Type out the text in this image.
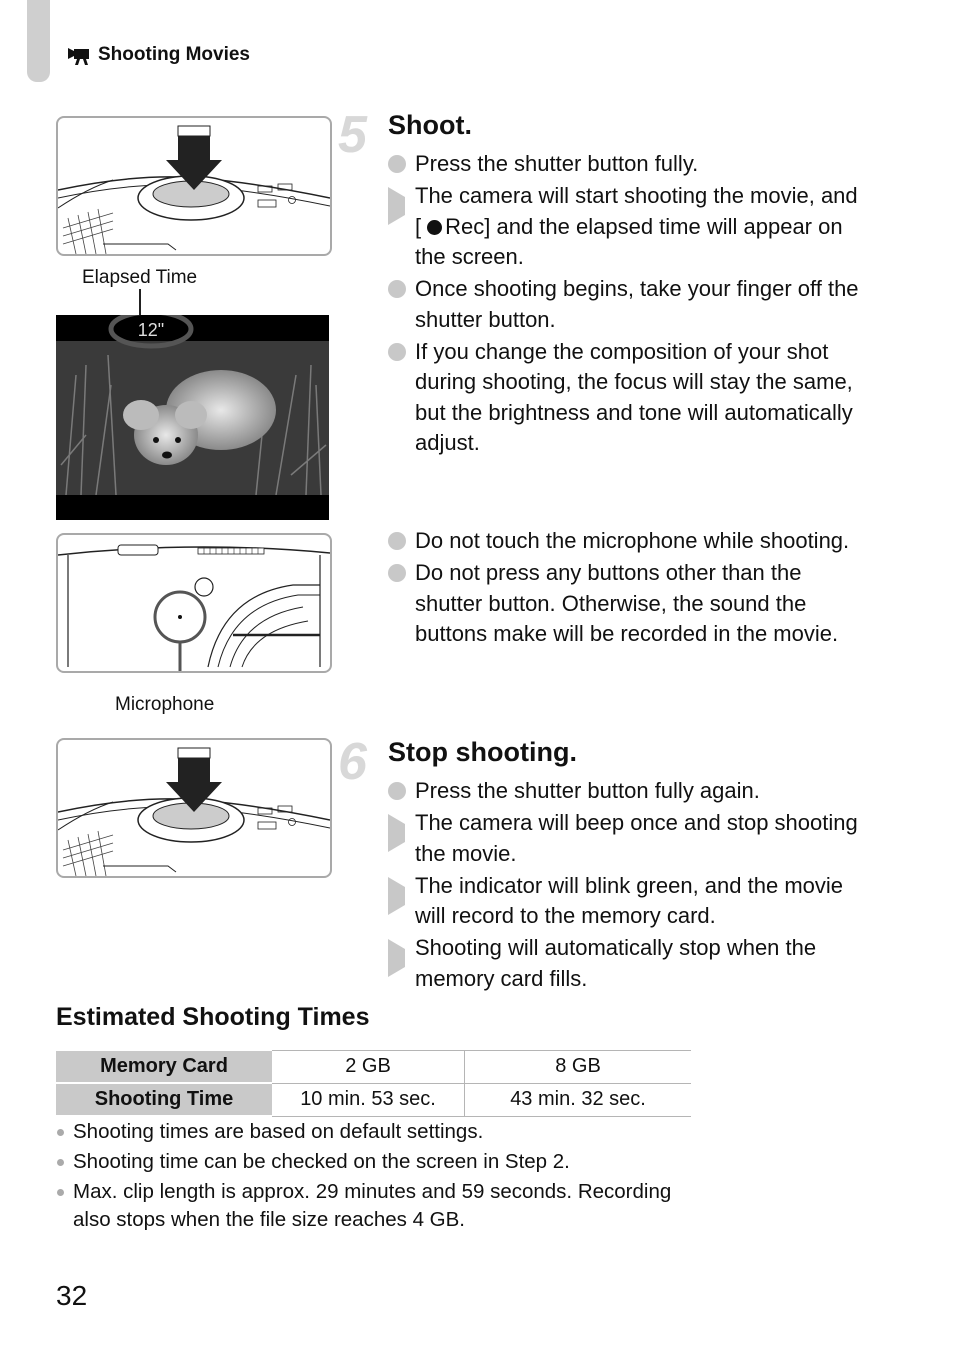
Shooting Movies
Elapsed Time
12"
Microphone
5 Shoot.
Press the shutter button fully.
The camera will start shooting the movie, and [ Rec] and the elapsed time will appear on the screen.
Once shooting begins, take your finger off the shutter button.
If you change the composition of your shot during shooting, the focus will stay the same, but the brightness and tone will automatically adjust.
Do not touch the microphone while shooting.
Do not press any buttons other than the shutter button. Otherwise, the sound the buttons make will be recorded in the movie.
6 Stop shooting.
Press the shutter button fully again.
The camera will beep once and stop shooting the movie.
The indicator will blink green, and the movie will record to the memory card.
Shooting will automatically stop when the memory card fills.
Estimated Shooting Times
Memory Card	2 GB	8 GB
Shooting Time	10 min. 53 sec.	43 min. 32 sec.
Shooting times are based on default settings.
Shooting time can be checked on the screen in Step 2.
Max. clip length is approx. 29 minutes and 59 seconds. Recording also stops when the file size reaches 4 GB.
32
